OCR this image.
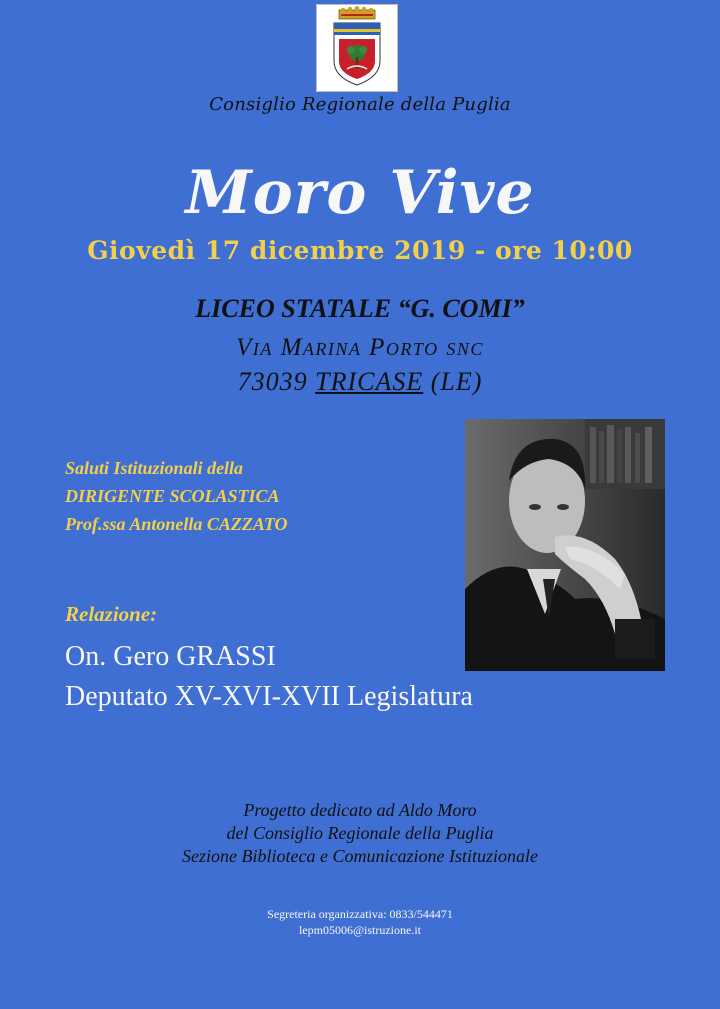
Consiglio Regionale della Puglia
Moro Vive
Giovedì 17 dicembre 2019 - ore 10:00
LICEO STATALE “G. COMI”
Via Marina Porto snc
73039 TRICASE (LE)
Saluti Istituzionali della
DIRIGENTE SCOLASTICA
Prof.ssa Antonella CAZZATO
Relazione:
On. Gero GRASSI
Deputato XV-XVI-XVII Legislatura
Progetto dedicato ad Aldo Moro
del Consiglio Regionale della Puglia
Sezione Biblioteca e Comunicazione Istituzionale
Segreteria organizzativa: 0833/544471
lepm05006@istruzione.it
